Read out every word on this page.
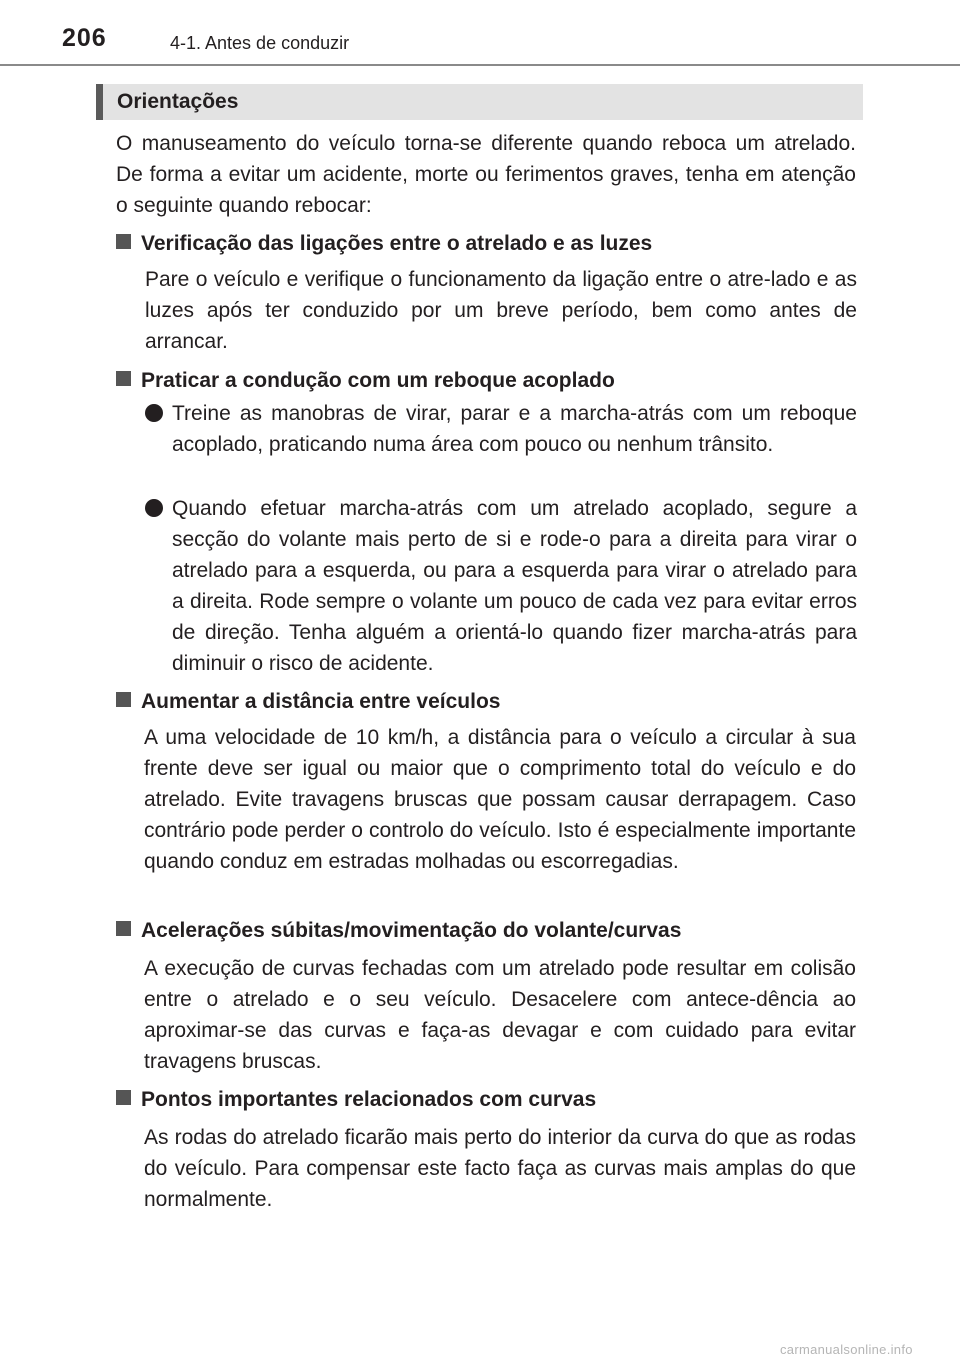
206	4-1. Antes de conduzir
Orientações

O manuseamento do veículo torna-se diferente quando reboca um atrelado. De forma a evitar um acidente, morte ou ferimentos graves, tenha em atenção o seguinte quando rebocar:

Verificação das ligações entre o atrelado e as luzes

Pare o veículo e verifique o funcionamento da ligação entre o atre-lado e as luzes após ter conduzido por um breve período, bem como antes de arrancar.

Praticar a condução com um reboque acoplado

Treine as manobras de virar, parar e a marcha-atrás com um reboque acoplado, praticando numa área com pouco ou nenhum trânsito.

Quando efetuar marcha-atrás com um atrelado acoplado, segure a secção do volante mais perto de si e rode-o para a direita para virar o atrelado para a esquerda, ou para a esquerda para virar o atrelado para a direita. Rode sempre o volante um pouco de cada vez para evitar erros de direção. Tenha alguém a orientá-lo quando fizer marcha-atrás para diminuir o risco de acidente.

Aumentar a distância entre veículos

A uma velocidade de 10 km/h, a distância para o veículo a circular à sua frente deve ser igual ou maior que o comprimento total do veículo e do atrelado. Evite travagens bruscas que possam causar derrapagem. Caso contrário pode perder o controlo do veículo. Isto é especialmente importante quando conduz em estradas molhadas ou escorregadias.

Acelerações súbitas/movimentação do volante/curvas

A execução de curvas fechadas com um atrelado pode resultar em colisão entre o atrelado e o seu veículo. Desacelere com antece-dência ao aproximar-se das curvas e faça-as devagar e com cuidado para evitar travagens bruscas.

Pontos importantes relacionados com curvas

As rodas do atrelado ficarão mais perto do interior da curva do que as rodas do veículo. Para compensar este facto faça as curvas mais amplas do que normalmente.

carmanualsonline.info
